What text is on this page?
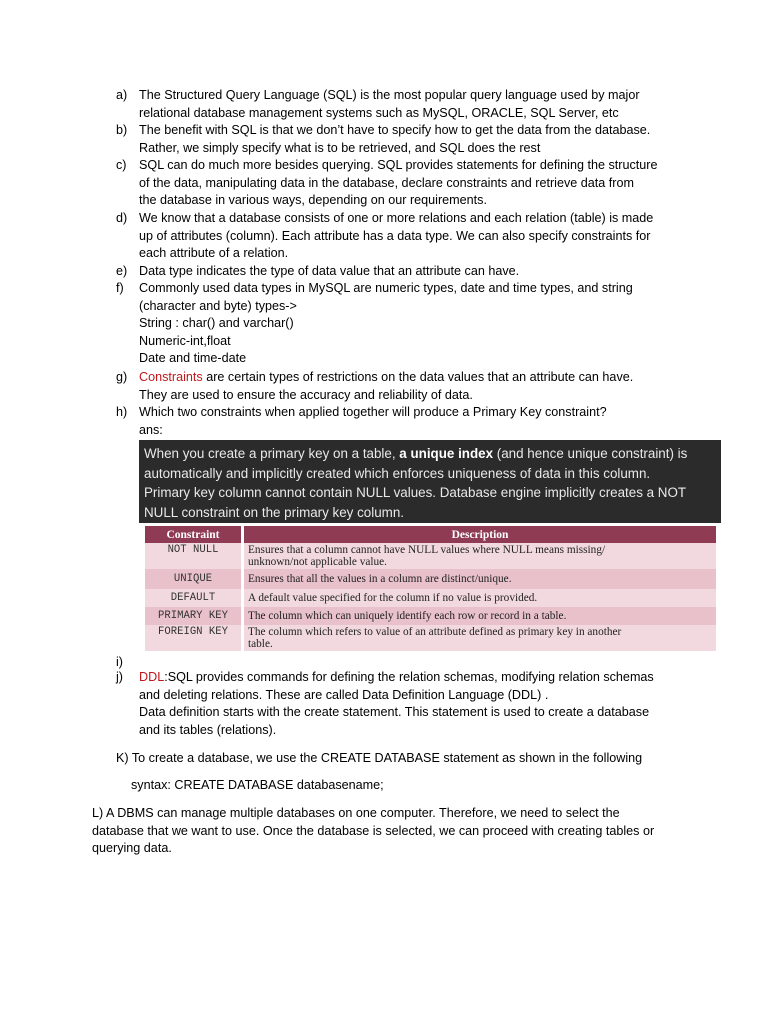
a) The Structured Query Language (SQL) is the most popular query language used by major
relational database management systems such as MySQL, ORACLE, SQL Server, etc
b) The benefit with SQL is that we don’t have to specify how to get the data from the database.
Rather, we simply specify what is to be retrieved, and SQL does the rest
c) SQL can do much more besides querying. SQL provides statements for defining the structure
of the data, manipulating data in the database, declare constraints and retrieve data from
the database in various ways, depending on our requirements.
d) We know that a database consists of one or more relations and each relation (table) is made
up of attributes (column). Each attribute has a data type. We can also specify constraints for
each attribute of a relation.
e) Data type indicates the type of data value that an attribute can have.
f) Commonly used data types in MySQL are numeric types, date and time types, and string
(character and byte) types->
String : char() and varchar()
Numeric-int,float
Date and time-date
g) Constraints are certain types of restrictions on the data values that an attribute can have.
They are used to ensure the accuracy and reliability of data.
h) Which two constraints when applied together will produce a Primary Key constraint?
ans:
When you create a primary key on a table, a unique index (and hence unique constraint) is
automatically and implicitly created which enforces uniqueness of data in this column.
Primary key column cannot contain NULL values. Database engine implicitly creates a NOT
NULL constraint on the primary key column.
Constraint	Description
NOT NULL	Ensures that a column cannot have NULL values where NULL means missing/
unknown/not applicable value.

UNIQUE	Ensures that all the values in a column are distinct/unique.

DEFAULT	A default value specified for the column if no value is provided.

PRIMARY KEY	The column which can uniquely identify each row or record in a table.

FOREIGN KEY	The column which refers to value of an attribute defined as primary key in another
table.
i)
j) DDL:SQL provides commands for defining the relation schemas, modifying relation schemas
and deleting relations. These are called Data Definition Language (DDL) .
Data definition starts with the create statement. This statement is used to create a database
and its tables (relations).
K) To create a database, we use the CREATE DATABASE statement as shown in the following
syntax: CREATE DATABASE databasename;
L) A DBMS can manage multiple databases on one computer. Therefore, we need to select the
database that we want to use. Once the database is selected, we can proceed with creating tables or
querying data.
